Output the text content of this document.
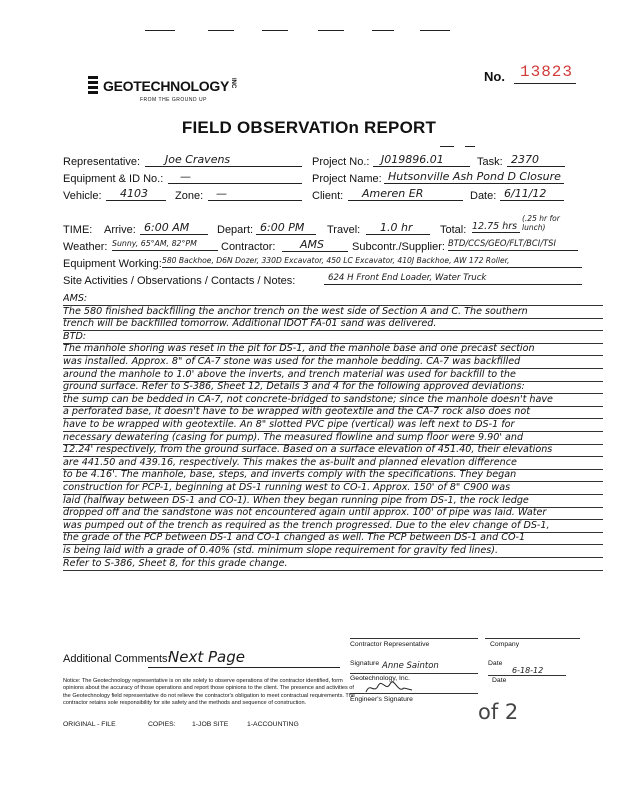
GEOTECHNOLOGY INC
FROM THE GROUND UP
No. 13823
FIELD OBSERVATIOn REPORT
Representative:	Joe Cravens	Project No.:	J019896.01	Task: 2370
Equipment & ID No.:	—	Project Name: Hutsonville Ash Pond D Closure
Vehicle:	4103	Zone:	—	Client:	Ameren ER	Date: 6/11/12
TIME: Arrive: 6:00 AM	Depart: 6:00 PM	Travel:	1.0 hr	Total: 12.75 hrs
(.25 hr for lunch)
Weather: Sunny, 65°AM, 82°PM	Contractor:	AMS	Subcontr./Supplier: BTD/CCS/GEO/FLT/BCI/TSI
Equipment Working: 580 Backhoe, D6N Dozer, 330D Excavator, 450 LC Excavator, 410J Backhoe, AW 172 Roller,
Site Activities / Observations / Contacts / Notes:	624 H Front End Loader, Water Truck
AMS:
The 580 finished backfilling the anchor trench on the west side of Section A and C. The southern
trench will be backfilled tomorrow. Additional IDOT FA-01 sand was delivered.
BTD:
The manhole shoring was reset in the pit for DS-1, and the manhole base and one precast section
was installed. Approx. 8" of CA-7 stone was used for the manhole bedding. CA-7 was backfilled
around the manhole to 1.0' above the inverts, and trench material was used for backfill to the
ground surface. Refer to S-386, Sheet 12, Details 3 and 4 for the following approved deviations:
the sump can be bedded in CA-7, not concrete-bridged to sandstone; since the manhole doesn't have
a perforated base, it doesn't have to be wrapped with geotextile and the CA-7 rock also does not
have to be wrapped with geotextile. An 8" slotted PVC pipe (vertical) was left next to DS-1 for
necessary dewatering (casing for pump). The measured flowline and sump floor were 9.90' and
12.24' respectively, from the ground surface. Based on a surface elevation of 451.40, their elevations
are 441.50 and 439.16, respectively. This makes the as-built and planned elevation difference
to be 4.16'. The manhole, base, steps, and inverts comply with the specifications. They began
construction for PCP-1, beginning at DS-1 running west to CO-1. Approx. 150' of 8" C900 was
laid (halfway between DS-1 and CO-1). When they began running pipe from DS-1, the rock ledge
dropped off and the sandstone was not encountered again until approx. 100' of pipe was laid. Water
was pumped out of the trench as required as the trench progressed. Due to the elev change of DS-1,
the grade of the PCP between DS-1 and CO-1 changed as well. The PCP between DS-1 and CO-1
is being laid with a grade of 0.40% (std. minimum slope requirement for gravity fed lines).
Refer to S-386, Sheet 8, for this grade change.
Additional Comments:
Next Page
Contractor Representative	Company
Signature Anne Sainton	Date
6-18-12
Geotechnology, Inc.	Date
Engineer's Signature
Notice: The Geotechnology representative is on site solely to observe operations of the contractor identified, form opinions about the accuracy of those operations and report those opinions to the client. The presence and activities of the Geotechnology field representative do not relieve the contractor's obligation to meet contractual requirements. The contractor retains sole responsibility for site safety and the methods and sequence of construction.
ORIGINAL - FILE	COPIES: 1-JOB SITE	1-ACCOUNTING
of 2
